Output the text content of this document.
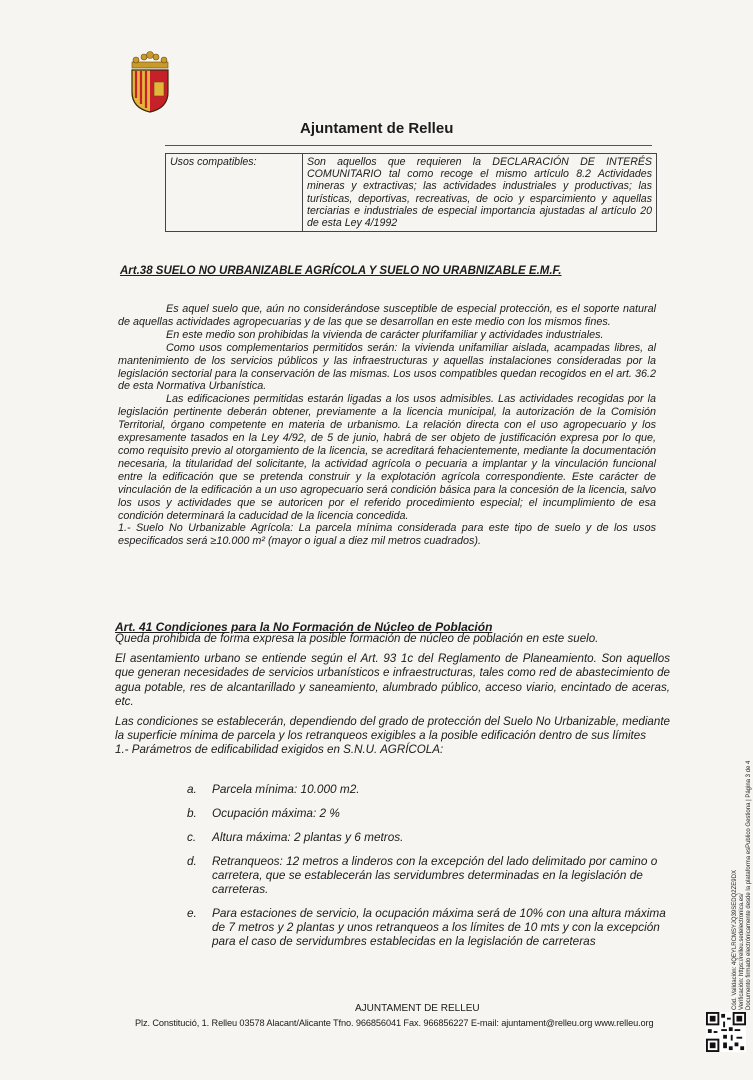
Ajuntament de Relleu
Usos compatibles:	Son aquellos que requieren la DECLARACIÓN DE INTERÉS COMUNITARIO tal como recoge el mismo artículo 8.2 Actividades mineras y extractivas; las actividades industriales y productivas; las turísticas, deportivas, recreativas, de ocio y esparcimiento y aquellas terciarias e industriales de especial importancia ajustadas al artículo 20 de esta Ley 4/1992
Art.38 SUELO NO URBANIZABLE AGRÍCOLA Y SUELO NO URABNIZABLE E.M.F.

Es aquel suelo que, aún no considerándose susceptible de especial protección, es el soporte natural de aquellas actividades agropecuarias y de las que se desarrollan en este medio con los mismos fines.

En este medio son prohibidas la vivienda de carácter plurifamiliar y actividades industriales.

Como usos complementarios permitidos serán: la vivienda unifamiliar aislada, acampadas libres, al mantenimiento de los servicios públicos y las infraestructuras y aquellas instalaciones consideradas por la legislación sectorial para la conservación de las mismas. Los usos compatibles quedan recogidos en el art. 36.2 de esta Normativa Urbanística.

Las edificaciones permitidas estarán ligadas a los usos admisibles. Las actividades recogidas por la legislación pertinente deberán obtener, previamente a la licencia municipal, la autorización de la Comisión Territorial, órgano competente en materia de urbanismo. La relación directa con el uso agropecuario y los expresamente tasados en la Ley 4/92, de 5 de junio, habrá de ser objeto de justificación expresa por lo que, como requisito previo al otorgamiento de la licencia, se acreditará fehacientemente, mediante la documentación necesaria, la titularidad del solicitante, la actividad agrícola o pecuaria a implantar y la vinculación funcional entre la edificación que se pretenda construir y la explotación agrícola correspondiente. Este carácter de vinculación de la edificación a un uso agropecuario será condición básica para la concesión de la licencia, salvo los usos y actividades que se autoricen por el referido procedimiento especial; el incumplimiento de esa condición determinará la caducidad de la licencia concedida.

1.- Suelo No Urbanizable Agrícola: La parcela mínima considerada para este tipo de suelo y de los usos especificados será ≥10.000 m² (mayor o igual a diez mil metros cuadrados).

Art. 41 Condiciones para la No Formación de Núcleo de Población

Queda prohibida de forma expresa la posible formación de núcleo de población en este suelo.

El asentamiento urbano se entiende según el Art. 93 1c del Reglamento de Planeamiento. Son aquellos que generan necesidades de servicios urbanísticos e infraestructuras, tales como red de abastecimiento de agua potable, res de alcantarillado y saneamiento, alumbrado público, acceso viario, encintado de aceras, etc.

Las condiciones se establecerán, dependiendo del grado de protección del Suelo No Urbanizable, mediante la superficie mínima de parcela y los retranqueos exigibles a la posible edificación dentro de sus límites

1.- Parámetros de edificabilidad exigidos en S.N.U. AGRÍCOLA:

a. Parcela mínima: 10.000 m2.
b. Ocupación máxima: 2 %
c. Altura máxima: 2 plantas y 6 metros.
d. Retranqueos: 12 metros a linderos con la excepción del lado delimitado por camino o carretera, que se establecerán las servidumbres determinadas en la legislación de carreteras.
e. Para estaciones de servicio, la ocupación máxima será de 10% con una altura máxima de 7 metros y 2 plantas y unos retranqueos a los límites de 10 mts y con la excepción para el caso de servidumbres establecidas en la legislación de carreteras
AJUNTAMENT DE RELLEU
Plz. Constitució, 1. Relleu 03578 Alacant/Alicante Tfno. 966856041 Fax. 966856227 E-mail: ajuntament@relleu.org www.relleu.org
Cód. Validación: 4QEYLRCMSYJQ39SEDQ2ZE9DX Verificación: https://relleu.sedelectronica.es/ Documento firmado electrónicamente desde la plataforma esPublico Gestiona | Página 3 de 4
